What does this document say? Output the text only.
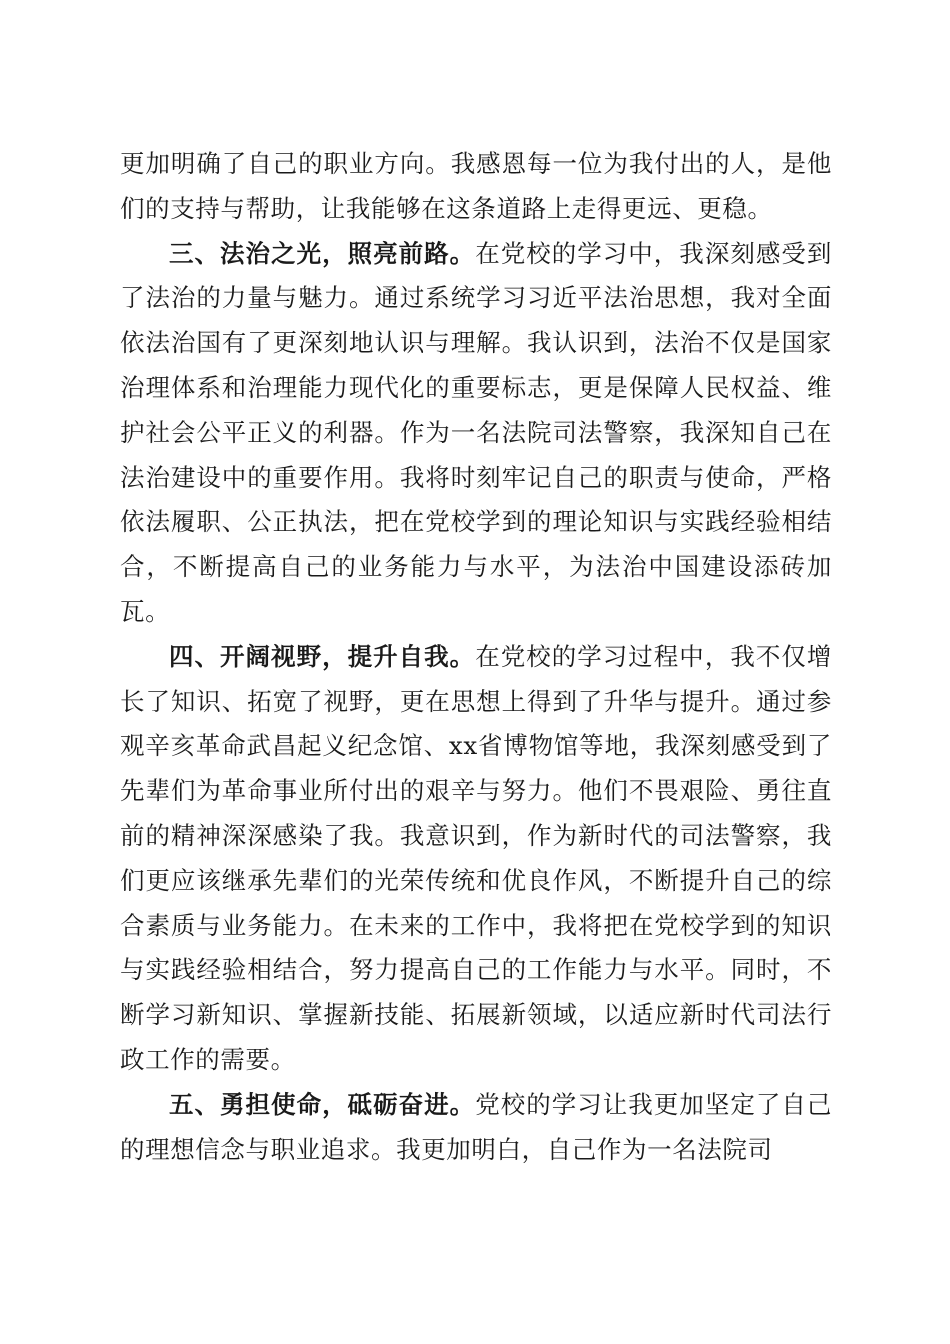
更加明确了自己的职业方向。我感恩每一位为我付出的人，是他们的支持与帮助，让我能够在这条道路上走得更远、更稳。

三、法治之光，照亮前路。在党校的学习中，我深刻感受到了法治的力量与魅力。通过系统学习习近平法治思想，我对全面依法治国有了更深刻地认识与理解。我认识到，法治不仅是国家治理体系和治理能力现代化的重要标志，更是保障人民权益、维护社会公平正义的利器。作为一名法院司法警察，我深知自己在法治建设中的重要作用。我将时刻牢记自己的职责与使命，严格依法履职、公正执法，把在党校学到的理论知识与实践经验相结合，不断提高自己的业务能力与水平，为法治中国建设添砖加瓦。

四、开阔视野，提升自我。在党校的学习过程中，我不仅增长了知识、拓宽了视野，更在思想上得到了升华与提升。通过参观辛亥革命武昌起义纪念馆、xx省博物馆等地，我深刻感受到了先辈们为革命事业所付出的艰辛与努力。他们不畏艰险、勇往直前的精神深深感染了我。我意识到，作为新时代的司法警察，我们更应该继承先辈们的光荣传统和优良作风，不断提升自己的综合素质与业务能力。在未来的工作中，我将把在党校学到的知识与实践经验相结合，努力提高自己的工作能力与水平。同时，不断学习新知识、掌握新技能、拓展新领域，以适应新时代司法行政工作的需要。

五、勇担使命，砥砺奋进。党校的学习让我更加坚定了自己的理想信念与职业追求。我更加明白，自己作为一名法院司
